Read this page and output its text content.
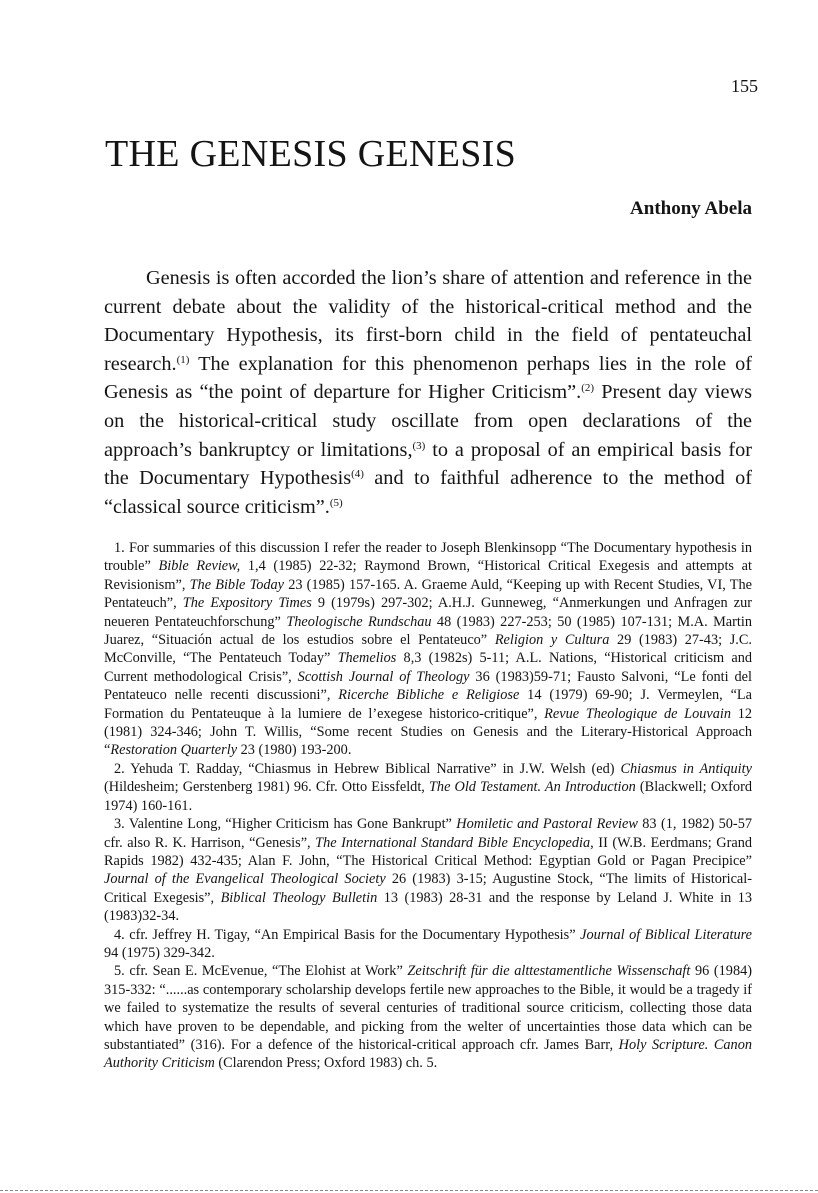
155
THE GENESIS GENESIS
Anthony Abela

Genesis is often accorded the lion’s share of attention and reference in the current debate about the validity of the historical-critical method and the Documentary Hypothesis, its first-born child in the field of pentateuchal research.$^{(1)}$ The explanation for this phenomenon perhaps lies in the role of Genesis as “the point of departure for Higher Criticism”.$^{(2)}$ Present day views on the historical-critical study oscillate from open declarations of the approach’s bankruptcy or limitations,$^{(3)}$ to a proposal of an empirical basis for the Documentary Hypothesis$^{(4)}$ and to faithful adherence to the method of “classical source criticism”.$^{(5)}$

1. For summaries of this discussion I refer the reader to Joseph Blenkinsopp “The Documentary hypothesis in trouble” Bible Review, 1,4 (1985) 22-32; Raymond Brown, “Historical Critical Exegesis and attempts at Revisionism”, The Bible Today 23 (1985) 157-165. A. Graeme Auld, “Keeping up with Recent Studies, VI, The Pentateuch”, The Expository Times 9 (1979s) 297-302; A.H.J. Gunneweg, “Anmerkungen und Anfragen zur neueren Pentateuchforschung” Theologische Rundschau 48 (1983) 227-253; 50 (1985) 107-131; M.A. Martin Juarez, “Situación actual de los estudios sobre el Pentateuco” Religion y Cultura 29 (1983) 27-43; J.C. McConville, “The Pentateuch Today” Themelios 8,3 (1982s) 5-11; A.L. Nations, “Historical criticism and Current methodological Crisis”, Scottish Journal of Theology 36 (1983)59-71; Fausto Salvoni, “Le fonti del Pentateuco nelle recenti discussioni”, Ricerche Bibliche e Religiose 14 (1979) 69-90; J. Vermeylen, “La Formation du Pentateuque à la lumiere de l’exegese historico-critique”, Revue Theologique de Louvain 12 (1981) 324-346; John T. Willis, “Some recent Studies on Genesis and the Literary-Historical Approach “Restoration Quarterly 23 (1980) 193-200.

2. Yehuda T. Radday, “Chiasmus in Hebrew Biblical Narrative” in J.W. Welsh (ed) Chiasmus in Antiquity (Hildesheim; Gerstenberg 1981) 96. Cfr. Otto Eissfeldt, The Old Testament. An Introduction (Blackwell; Oxford 1974) 160-161.

3. Valentine Long, “Higher Criticism has Gone Bankrupt” Homiletic and Pastoral Review 83 (1, 1982) 50-57 cfr. also R. K. Harrison, “Genesis”, The International Standard Bible Encyclopedia, II (W.B. Eerdmans; Grand Rapids 1982) 432-435; Alan F. John, “The Historical Critical Method: Egyptian Gold or Pagan Precipice” Journal of the Evangelical Theological Society 26 (1983) 3-15; Augustine Stock, “The limits of Historical-Critical Exegesis”, Biblical Theology Bulletin 13 (1983) 28-31 and the response by Leland J. White in 13 (1983)32-34.

4. cfr. Jeffrey H. Tigay, “An Empirical Basis for the Documentary Hypothesis” Journal of Biblical Literature 94 (1975) 329-342.

5. cfr. Sean E. McEvenue, “The Elohist at Work” Zeitschrift für die alttestamentliche Wissenschaft 96 (1984) 315-332: “......as contemporary scholarship develops fertile new approaches to the Bible, it would be a tragedy if we failed to systematize the results of several centuries of traditional source criticism, collecting those data which have proven to be dependable, and picking from the welter of uncertainties those data which can be substantiated” (316). For a defence of the historical-critical approach cfr. James Barr, Holy Scripture. Canon Authority Criticism (Clarendon Press; Oxford 1983) ch. 5.
